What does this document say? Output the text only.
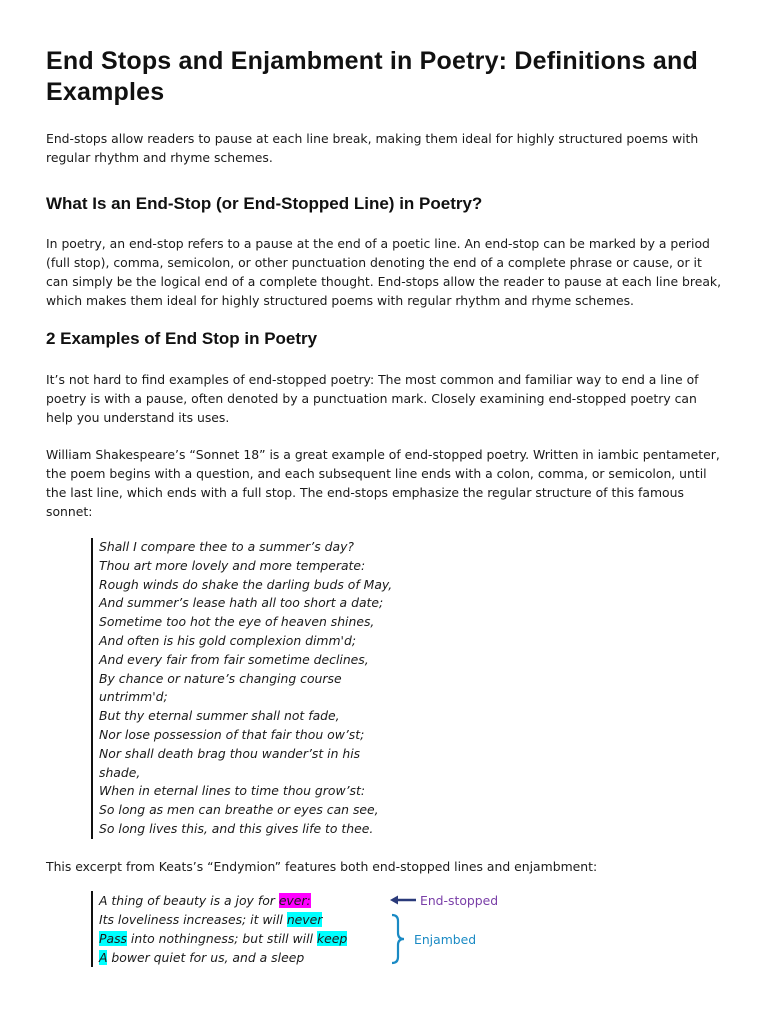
End Stops and Enjambment in Poetry: Definitions and Examples

End-stops allow readers to pause at each line break, making them ideal for highly structured poems with regular rhythm and rhyme schemes.

What Is an End-Stop (or End-Stopped Line) in Poetry?

In poetry, an end-stop refers to a pause at the end of a poetic line. An end-stop can be marked by a period (full stop), comma, semicolon, or other punctuation denoting the end of a complete phrase or cause, or it can simply be the logical end of a complete thought. End-stops allow the reader to pause at each line break, which makes them ideal for highly structured poems with regular rhythm and rhyme schemes.

2 Examples of End Stop in Poetry

It’s not hard to find examples of end-stopped poetry: The most common and familiar way to end a line of poetry is with a pause, often denoted by a punctuation mark. Closely examining end-stopped poetry can help you understand its uses.

William Shakespeare’s “Sonnet 18” is a great example of end-stopped poetry. Written in iambic pentameter, the poem begins with a question, and each subsequent line ends with a colon, comma, or semicolon, until the last line, which ends with a full stop. The end-stops emphasize the regular structure of this famous sonnet:

Shall I compare thee to a summer’s day?
Thou art more lovely and more temperate:
Rough winds do shake the darling buds of May,
And summer’s lease hath all too short a date;
Sometime too hot the eye of heaven shines,
And often is his gold complexion dimm'd;
And every fair from fair sometime declines,
By chance or nature’s changing course
untrimm'd;
But thy eternal summer shall not fade,
Nor lose possession of that fair thou ow’st;
Nor shall death brag thou wander’st in his
shade,
When in eternal lines to time thou grow’st:
So long as men can breathe or eyes can see,
So long lives this, and this gives life to thee.

This excerpt from Keats’s “Endymion” features both end-stopped lines and enjambment:

A thing of beauty is a joy for ever:
Its loveliness increases; it will never
Pass into nothingness; but still will keep
A bower quiet for us, and a sleep
End-stopped
Enjambed
